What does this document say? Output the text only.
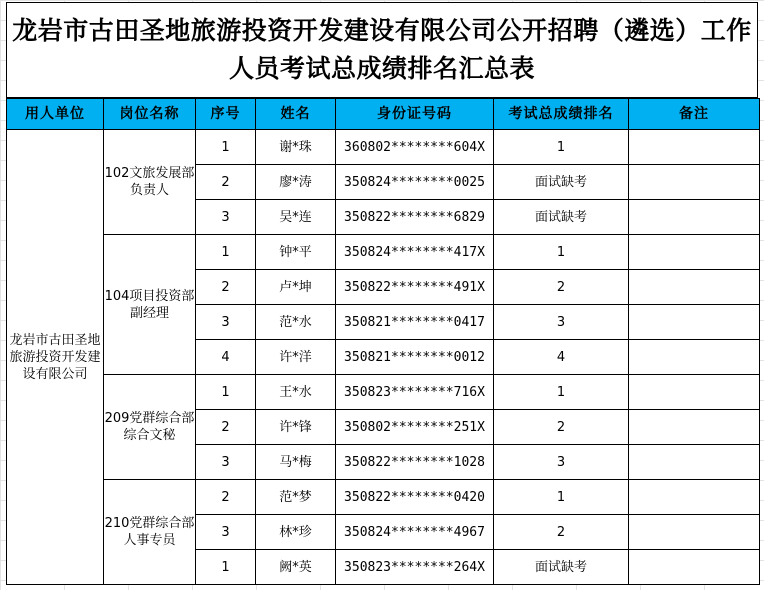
龙岩市古田圣地旅游投资开发建设有限公司公开招聘（遴选）工作人员考试总成绩排名汇总表
用人单位	岗位名称	序号	姓名	身份证号码	考试总成绩排名	备注
龙岩市古田圣地旅游投资开发建设有限公司	102文旅发展部负责人	1	谢*珠	360802********604X	1	
		2	廖*涛	350824********0025	面试缺考	
		3	吴*连	350822********6829	面试缺考	
	104项目投资部副经理	1	钟*平	350824********417X	1	
		2	卢*坤	350822********491X	2	
		3	范*水	350821********0417	3	
		4	许*洋	350821********0012	4	
	209党群综合部综合文秘	1	王*水	350823********716X	1	
		2	许*锋	350802********251X	2	
		3	马*梅	350822********1028	3	
	210党群综合部人事专员	2	范*梦	350822********0420	1	
		3	林*珍	350824********4967	2	
		1	阙*英	350823********264X	面试缺考	
